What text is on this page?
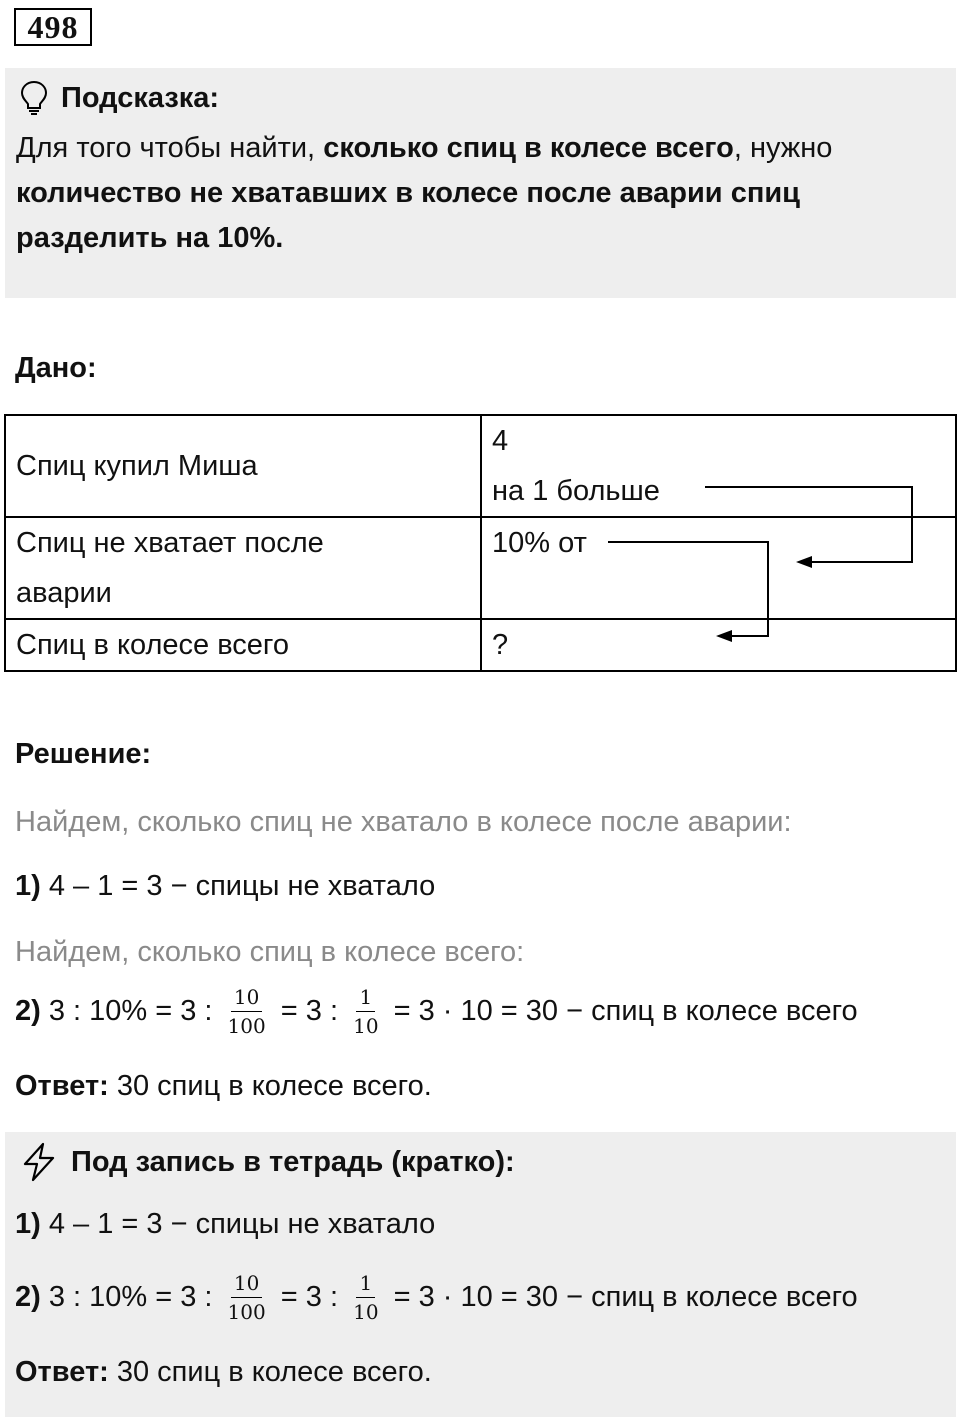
498
Подсказка:
Для того чтобы найти, сколько спиц в колесе всего, нужно
количество не хватавших в колесе после аварии спиц
разделить на 10%.
Дано:
Спиц купил Миша	4
на 1 больше

Спиц не хватает после
аварии	10% от

Спиц в колесе всего	?
Решение:
Найдем, сколько спиц не хватало в колесе после аварии:
1) 4 – 1 = 3 − спицы не хватало
Найдем, сколько спиц в колесе всего:
2) 3 : 10% = 3 : $\frac{10}{100} = 3$ : $\frac{1}{10} = 3 \cdot 10 = 30$ − спиц в колесе всего
Ответ: 30 спиц в колесе всего.
Под запись в тетрадь (кратко):
1) 4 – 1 = 3 − спицы не хватало
2) 3 : 10% = 3 : $\frac{10}{100} = 3$ : $\frac{1}{10} = 3 \cdot 10 = 30$ − спиц в колесе всего
Ответ: 30 спиц в колесе всего.
